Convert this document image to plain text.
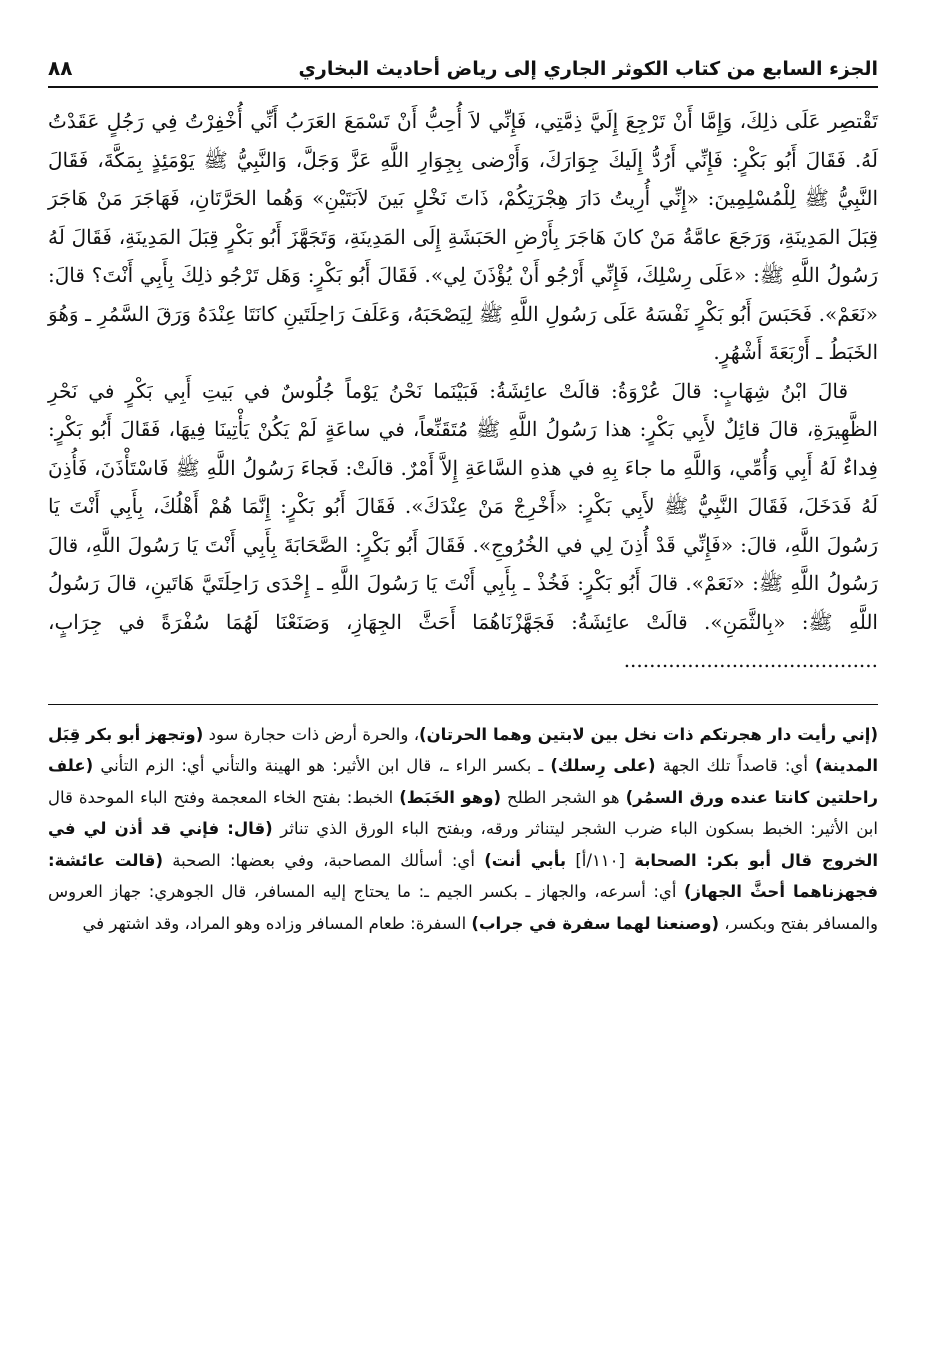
الجزء السابع من كتاب الكوثر الجاري إلى رياض أحاديث البخاري
٨٨

تَقْتصِر عَلَى ذلِكَ، وَإِمَّا أَنْ تَرْجِعَ إِلَيَّ ذِمَّتِي، فَإِنِّي لاَ أُحِبُّ أَنْ تَسْمَعَ العَرَبُ أَنِّي أُخْفِرْتُ فِي رَجُلٍ عَقَدْتُ لَهُ. فَقَالَ أَبُو بَكْرٍ: فَإِنِّي أَرُدُّ إِلَيكَ جِوَارَكَ، وَأَرْضى بِجِوَارِ اللَّهِ عَزَّ وَجَلَّ، وَالنَّبِيُّ ﷺ يَوْمَئِذٍ بِمَكَّةَ، فَقَالَ النَّبِيُّ ﷺ لِلْمُسْلِمِينَ: «إِنِّي أُرِيتُ دَارَ هِجْرَتِكُمْ، ذَاتَ نَخْلٍ بَينَ لاَبَتَيْنِ» وَهُما الحَرَّتَانِ، فَهَاجَرَ مَنْ هَاجَرَ قِبَلَ المَدِينَةِ، وَرَجَعَ عامَّةُ مَنْ كانَ هَاجَرَ بِأَرْضِ الحَبَشَةِ إِلَى المَدِينَةِ، وَتَجَهَّزَ أَبُو بَكْرٍ قِبَلَ المَدِينَةِ، فَقَالَ لَهُ رَسُولُ اللَّهِ ﷺ: «عَلَى رِسْلِكَ، فَإِنِّي أَرْجُو أَنْ يُؤْذَنَ لِي». فَقَالَ أَبُو بَكْرٍ: وَهَل تَرْجُو ذلِكَ بِأَبِي أَنْتَ؟ قالَ: «نَعَمْ». فَحَبَسَ أَبُو بَكْرٍ نَفْسَهُ عَلَى رَسُولِ اللَّهِ ﷺ لِيَصْحَبَهُ، وَعَلَفَ رَاحِلَتَينِ كانَتَا عِنْدَهُ وَرَقَ السَّمُرِ ـ وَهُوَ الخَبَطُ ـ أَرْبَعَةَ أَشْهُرٍ.

قالَ ابْنُ شِهَابٍ: قالَ عُرْوَةُ: قالَتْ عائِشَةُ: فَبَيْنَما نَحْنُ يَوْماً جُلُوسٌ في بَيتِ أَبِي بَكْرٍ في نَحْرِ الظَّهِيرَةِ، قالَ قائِلٌ لأَبِي بَكْرٍ: هذا رَسُولُ اللَّهِ ﷺ مُتَقَنِّعاً، في ساعَةٍ لَمْ يَكُنْ يَأْتِينَا فِيهَا، فَقَالَ أَبُو بَكْرٍ: فِداءٌ لَهُ أَبِي وَأُمِّي، وَاللَّهِ ما جاءَ بِهِ في هذهِ السَّاعَةِ إِلاَّ أَمْرٌ. قالَتْ: فَجاءَ رَسُولُ اللَّهِ ﷺ فَاسْتَأْذَنَ، فَأُذِنَ لَهُ فَدَخَلَ، فَقَالَ النَّبِيُّ ﷺ لأَبِي بَكْرٍ: «أَخْرِجْ مَنْ عِنْدَكَ». فَقَالَ أَبُو بَكْرٍ: إِنَّمَا هُمْ أَهْلُكَ، بِأَبِي أَنْتَ يَا رَسُولَ اللَّهِ، قالَ: «فَإِنِّي قَدْ أُذِنَ لِي في الخُرُوجِ». فَقَالَ أَبُو بَكْرٍ: الصَّحَابَةَ بِأَبِي أَنْتَ يَا رَسُولَ اللَّهِ، قالَ رَسُولُ اللَّهِ ﷺ: «نَعَمْ». قالَ أَبُو بَكْرٍ: فَخُذْ ـ بِأَبِي أَنْتَ يَا رَسُولَ اللَّهِ ـ إِحْدَى رَاحِلَتَيَّ هَاتَينِ، قالَ رَسُولُ اللَّهِ ﷺ: «بِالثَّمَنِ». قالَتْ عائِشَةُ: فَجَهَّزْنَاهُمَا أَحَثَّ الجِهَازِ، وَصَنَعْنَا لَهُمَا سُفْرَةً في جِرَابٍ، ........................................

(إني رأيت دار هجرتكم ذات نخل بين لابتين وهما الحرتان)، والحرة أرض ذات حجارة سود (وتجهز أبو بكر قِبَل المدينة) أي: قاصداً تلك الجهة (على رِسلك) ـ بكسر الراء ـ، قال ابن الأثير: هو الهينة والتأني أي: الزم التأني (علف راحلتين كانتا عنده ورق السمُر) هو الشجر الطلح (وهو الخَبَط) الخبط: بفتح الخاء المعجمة وفتح الباء الموحدة قال ابن الأثير: الخبط بسكون الباء ضرب الشجر ليتناثر ورقه، وبفتح الباء الورق الذي تناثر (قال: فإني قد أذن لي في الخروج قال أبو بكر: الصحابة [١١٠/أ] بأبي أنت) أي: أسألك المصاحبة، وفي بعضها: الصحبة (قالت عائشة: فجهزناهما أحثَّ الجهاز) أي: أسرعه، والجهاز ـ بكسر الجيم ـ: ما يحتاج إليه المسافر، قال الجوهري: جهاز العروس والمسافر بفتح وبكسر، (وصنعنا لهما سفرة في جراب) السفرة: طعام المسافر وزاده وهو المراد، وقد اشتهر في
